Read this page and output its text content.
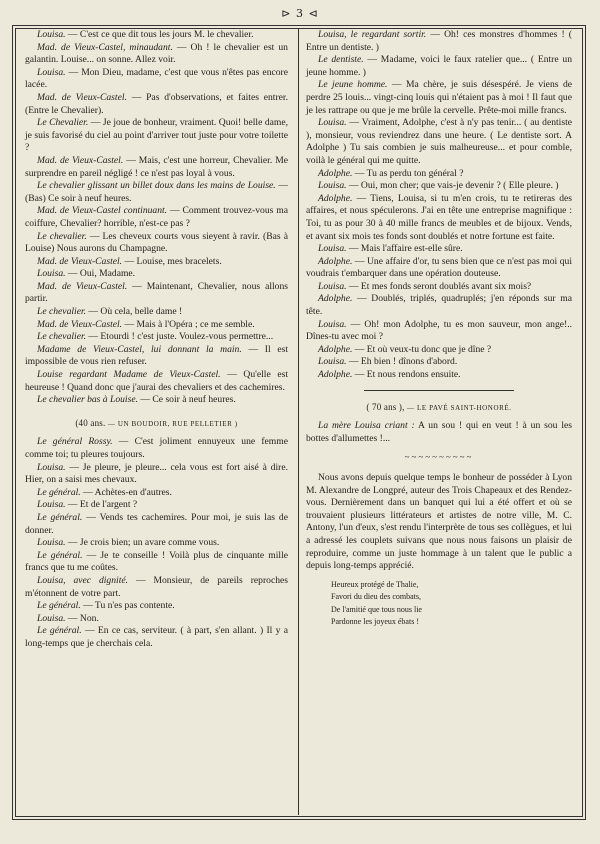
⊳ 3 ⊲

Louisa. — C'est ce que dit tous les jours M. le chevalier.

Mad. de Vieux-Castel, minaudant. — Oh ! le chevalier est un galantin. Louise... on sonne. Allez voir.

Louisa. — Mon Dieu, madame, c'est que vous n'êtes pas encore lacée.

Mad. de Vieux-Castel. — Pas d'observations, et faites entrer. (Entre le Chevalier).

Le Chevalier. — Je joue de bonheur, vraiment. Quoi! belle dame, je suis favorisé du ciel au point d'arriver tout juste pour votre toilette ?

Mad. de Vieux-Castel. — Mais, c'est une horreur, Chevalier. Me surprendre en pareil négligé ! ce n'est pas loyal à vous.

Le chevalier glissant un billet doux dans les mains de Louise. — (Bas) Ce soir à neuf heures.

Mad. de Vieux-Castel continuant. — Comment trouvez-vous ma coiffure, Chevalier? horrible, n'est-ce pas ?

Le chevalier. — Les cheveux courts vous sieyent à ravir. (Bas à Louise) Nous aurons du Champagne.

Mad. de Vieux-Castel. — Louise, mes bracelets.

Louisa. — Oui, Madame.

Mad. de Vieux-Castel. — Maintenant, Chevalier, nous allons partir.

Le chevalier. — Où cela, belle dame !

Mad. de Vieux-Castel. — Mais à l'Opéra ; ce me semble.

Le chevalier. — Etourdi ! c'est juste. Voulez-vous permettre...

Madame de Vieux-Castel, lui donnant la main. — Il est impossible de vous rien refuser.

Louise regardant Madame de Vieux-Castel. — Qu'elle est heureuse ! Quand donc que j'aurai des chevaliers et des cachemires.

Le chevalier bas à Louise. — Ce soir à neuf heures.

(40 ans. — UN BOUDOIR, RUE PELLETIER )

Le général Rossy. — C'est joliment ennuyeux une femme comme toi; tu pleures toujours.

Louisa. — Je pleure, je pleure... cela vous est fort aisé à dire. Hier, on a saisi mes chevaux.

Le général. — Achètes-en d'autres.

Louisa. — Et de l'argent ?

Le général. — Vends tes cachemires. Pour moi, je suis las de donner.

Louisa. — Je crois bien; un avare comme vous.

Le général. — Je te conseille ! Voilà plus de cinquante mille francs que tu me coûtes.

Louisa, avec dignité. — Monsieur, de pareils reproches m'étonnent de votre part.

Le général. — Tu n'es pas contente.

Louisa. — Non.

Le général. — En ce cas, serviteur. ( à part, s'en allant. ) Il y a long-temps que je cherchais cela.

Louisa, le regardant sortir. — Oh! ces monstres d'hommes ! ( Entre un dentiste. )

Le dentiste. — Madame, voici le faux ratelier que... ( Entre un jeune homme. )

Le jeune homme. — Ma chère, je suis désespéré. Je viens de perdre 25 louis... vingt-cinq louis qui n'étaient pas à moi ! Il faut que je les rattrape ou que je me brûle la cervelle. Prête-moi mille francs.

Louisa. — Vraiment, Adolphe, c'est à n'y pas tenir... ( au dentiste ), monsieur, vous reviendrez dans une heure. ( Le dentiste sort. A Adolphe ) Tu sais combien je suis malheureuse... et pour comble, voilà le général qui me quitte.

Adolphe. — Tu as perdu ton général ?

Louisa. — Oui, mon cher; que vais-je devenir ? ( Elle pleure. )

Adolphe. — Tiens, Louisa, si tu m'en crois, tu te retireras des affaires, et nous spéculerons. J'ai en tête une entreprise magnifique : Toi, tu as pour 30 à 40 mille francs de meubles et de bijoux. Vends, et avant six mois tes fonds sont doublés et notre fortune est faite.

Louisa. — Mais l'affaire est-elle sûre.

Adolphe. — Une affaire d'or, tu sens bien que ce n'est pas moi qui voudrais t'embarquer dans une opération douteuse.

Louisa. — Et mes fonds seront doublés avant six mois?

Adolphe. — Doublés, triplés, quadruplés; j'en réponds sur ma tête.

Louisa. — Oh! mon Adolphe, tu es mon sauveur, mon ange!.. Dînes-tu avec moi ?

Adolphe. — Et où veux-tu donc que je dîne ?

Louisa. — Eh bien ! dînons d'abord.

Adolphe. — Et nous rendons ensuite.

( 70 ans ), — LE PAVÉ SAINT-HONORÉ.

La mère Louisa criant : A un sou ! qui en veut ! à un sou les bottes d'allumettes !...

~~~~~~~~~~

Nous avons depuis quelque temps le bonheur de posséder à Lyon M. Alexandre de Longpré, auteur des Trois Chapeaux et des Rendez-vous. Dernièrement dans un banquet qui lui a été offert et où se trouvaient plusieurs littérateurs et artistes de notre ville, M. C. Antony, l'un d'eux, s'est rendu l'interprète de tous ses collègues, et lui a adressé les couplets suivans que nous nous faisons un plaisir de reproduire, comme un juste hommage à un talent que le public a depuis long-temps apprécié.

Heureux protégé de Thalie,
Favori du dieu des combats,
De l'amitié que tous nous lie
Pardonne les joyeux ébats !
